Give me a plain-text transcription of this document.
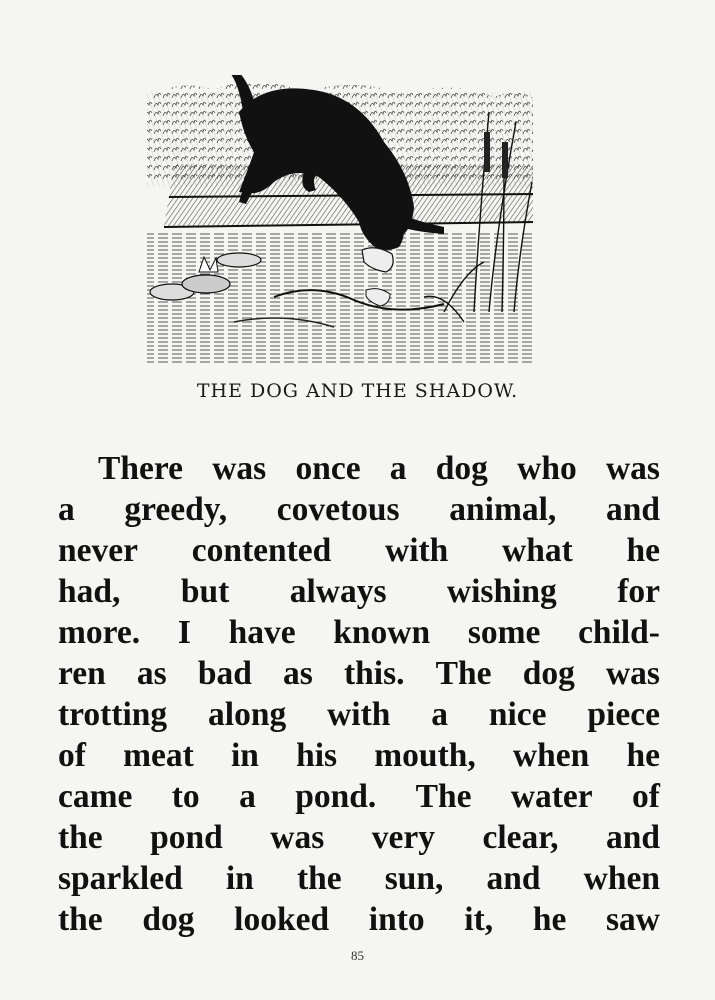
THE DOG AND THE SHADOW.
There was once a dog who was
a greedy, covetous animal, and
never contented with what he
had, but always wishing for
more. I have known some child-
ren as bad as this. The dog was
trotting along with a nice piece
of meat in his mouth, when he
came to a pond. The water of
the pond was very clear, and
sparkled in the sun, and when
the dog looked into it, he saw
85
